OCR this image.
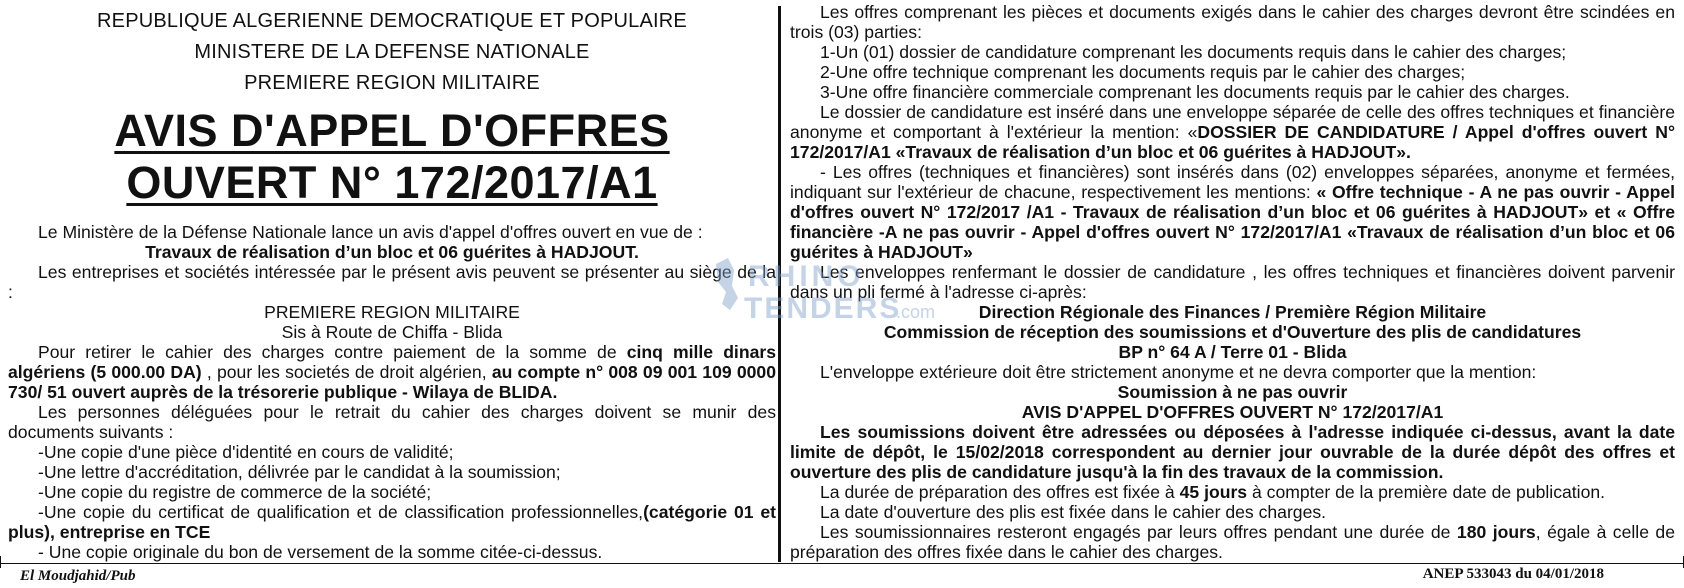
REPUBLIQUE ALGERIENNE DEMOCRATIQUE ET POPULAIRE
MINISTERE DE LA DEFENSE NATIONALE
PREMIERE REGION MILITAIRE
AVIS D'APPEL D'OFFRES
OUVERT N° 172/2017/A1

Le Ministère de la Défense Nationale lance un avis d'appel d'offres ouvert en vue de :

Travaux de réalisation d’un bloc et 06 guérites à HADJOUT.

Les entreprises et sociétés intéressée par le présent avis peuvent se présenter au siège de la :

PREMIERE REGION MILITAIRE

Sis à Route de Chiffa - Blida

Pour retirer le cahier des charges contre paiement de la somme de cinq mille dinars algériens (5 000.00 DA) , pour les societés de droit algérien, au compte n° 008 09 001 109 0000 730/ 51 ouvert auprès de la trésorerie publique - Wilaya de BLIDA.

Les personnes déléguées pour le retrait du cahier des charges doivent se munir des documents suivants :

-Une copie d'une pièce d'identité en cours de validité;

-Une lettre d'accréditation, délivrée par le candidat à la soumission;

-Une copie du registre de commerce de la société;

-Une copie du certificat de qualification et de classification professionnelles,(catégorie 01 et plus), entreprise en TCE

- Une copie originale du bon de versement de la somme citée-ci-dessus.

Les offres comprenant les pièces et documents exigés dans le cahier des charges devront être scindées en trois (03) parties:

1-Un (01) dossier de candidature comprenant les documents requis dans le cahier des charges;

2-Une offre technique comprenant les documents requis par le cahier des charges;

3-Une offre financière commerciale comprenant les documents requis par le cahier des charges.

Le dossier de candidature est inséré dans une enveloppe séparée de celle des offres techniques et financière anonyme et comportant à l'extérieur la mention: «DOSSIER DE CANDIDATURE / Appel d'offres ouvert N° 172/2017/A1 «Travaux de réalisation d’un bloc et 06 guérites à HADJOUT».

- Les offres (techniques et financières) sont insérés dans (02) enveloppes séparées, anonyme et fermées, indiquant sur l'extérieur de chacune, respectivement les mentions: « Offre technique - A ne pas ouvrir - Appel d'offres ouvert N° 172/2017 /A1 - Travaux de réalisation d’un bloc et 06 guérites à HADJOUT» et « Offre financière -A ne pas ouvrir - Appel d'offres ouvert N° 172/2017/A1 «Travaux de réalisation d’un bloc et 06 guérites à HADJOUT»

Les enveloppes renfermant le dossier de candidature , les offres techniques et financières doivent parvenir dans un pli fermé à l'adresse ci-après:

Direction Régionale des Finances / Première Région Militaire

Commission de réception des soumissions et d'Ouverture des plis de candidatures

BP n° 64 A / Terre 01 - Blida

L'enveloppe extérieure doit être strictement anonyme et ne devra comporter que la mention:

Soumission à ne pas ouvrir

AVIS D'APPEL D'OFFRES OUVERT N° 172/2017/A1

Les soumissions doivent être adressées ou déposées à l'adresse indiquée ci-dessus, avant la date limite de dépôt, le 15/02/2018 correspondent au dernier jour ouvrable de la durée dépôt des offres et ouverture des plis de candidature jusqu'à la fin des travaux de la commission.

La durée de préparation des offres est fixée à 45 jours à compter de la première date de publication.

La date d'ouverture des plis est fixée dans le cahier des charges.

Les soumissionnaires resteront engagés par leurs offres pendant une durée de 180 jours, égale à celle de préparation des offres fixée dans le cahier des charges.

RHINO
TENDERS
.com
El Moudjahid/Pub	ANEP 533043 du 04/01/2018
